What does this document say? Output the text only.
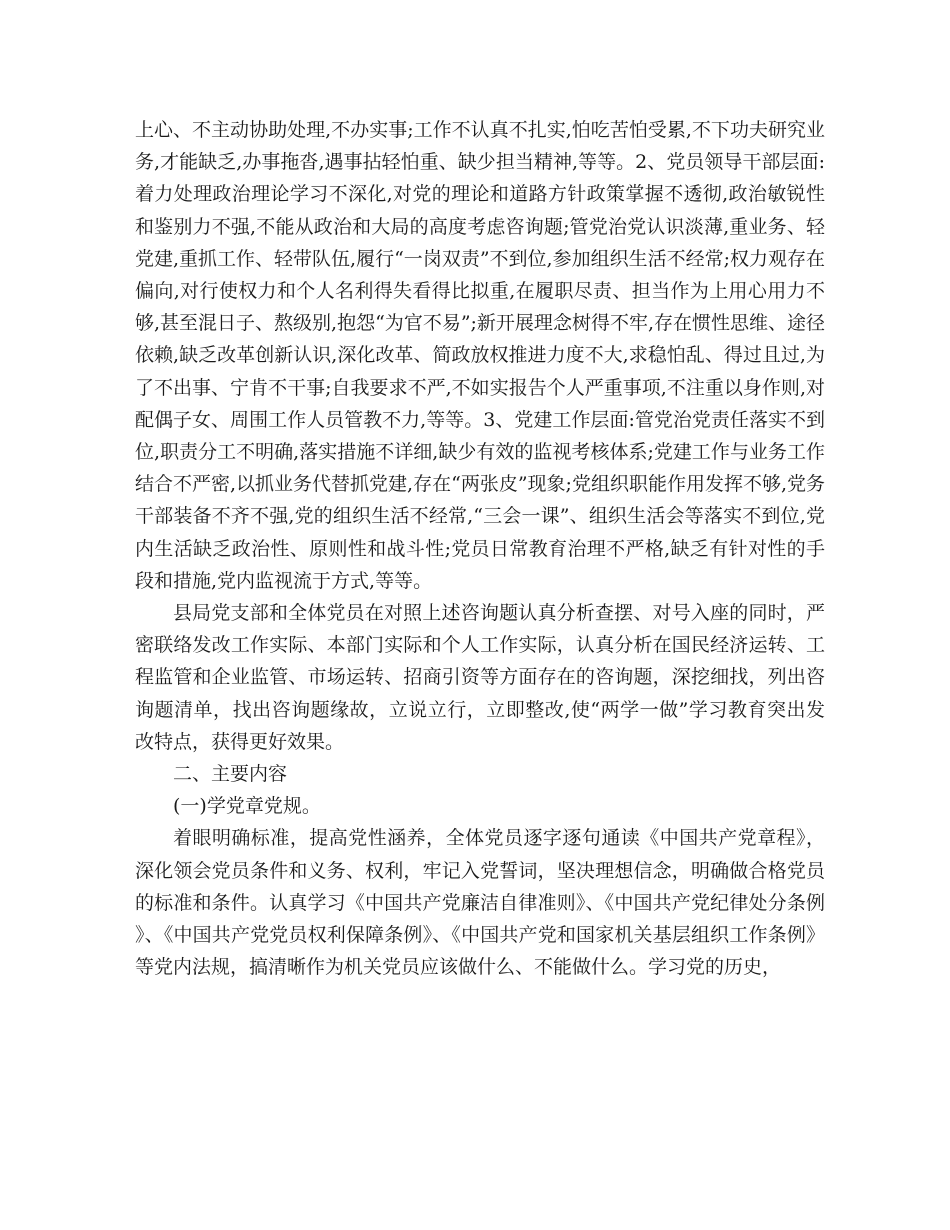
上心、不主动协助处理,不办实事;工作不认真不扎实,怕吃苦怕受累,不下功夫研究业务,才能缺乏,办事拖沓,遇事拈轻怕重、缺少担当精神,等等。2、党员领导干部层面:着力处理政治理论学习不深化,对党的理论和道路方针政策掌握不透彻,政治敏锐性和鉴别力不强,不能从政治和大局的高度考虑咨询题;管党治党认识淡薄,重业务、轻党建,重抓工作、轻带队伍,履行“一岗双责”不到位,参加组织生活不经常;权力观存在偏向,对行使权力和个人名利得失看得比拟重,在履职尽责、担当作为上用心用力不够,甚至混日子、熬级别,抱怨“为官不易”;新开展理念树得不牢,存在惯性思维、途径依赖,缺乏改革创新认识,深化改革、简政放权推进力度不大,求稳怕乱、得过且过,为了不出事、宁肯不干事;自我要求不严,不如实报告个人严重事项,不注重以身作则,对配偶子女、周围工作人员管教不力,等等。3、党建工作层面:管党治党责任落实不到位,职责分工不明确,落实措施不详细,缺少有效的监视考核体系;党建工作与业务工作结合不严密,以抓业务代替抓党建,存在“两张皮”现象;党组织职能作用发挥不够,党务干部装备不齐不强,党的组织生活不经常,“三会一课”、组织生活会等落实不到位,党内生活缺乏政治性、原则性和战斗性;党员日常教育治理不严格,缺乏有针对性的手段和措施,党内监视流于方式,等等。

县局党支部和全体党员在对照上述咨询题认真分析查摆、对号入座的同时，严密联络发改工作实际、本部门实际和个人工作实际，认真分析在国民经济运转、工程监管和企业监管、市场运转、招商引资等方面存在的咨询题，深挖细找，列出咨询题清单，找出咨询题缘故，立说立行，立即整改,使“两学一做”学习教育突出发改特点，获得更好效果。

二、主要内容

(一)学党章党规。

着眼明确标准，提高党性涵养，全体党员逐字逐句通读《中国共产党章程》，深化领会党员条件和义务、权利，牢记入党誓词，坚决理想信念，明确做合格党员的标准和条件。认真学习《中国共产党廉洁自律准则》、《中国共产党纪律处分条例》、《中国共产党党员权利保障条例》、《中国共产党和国家机关基层组织工作条例》等党内法规，搞清晰作为机关党员应该做什么、不能做什么。学习党的历史，
